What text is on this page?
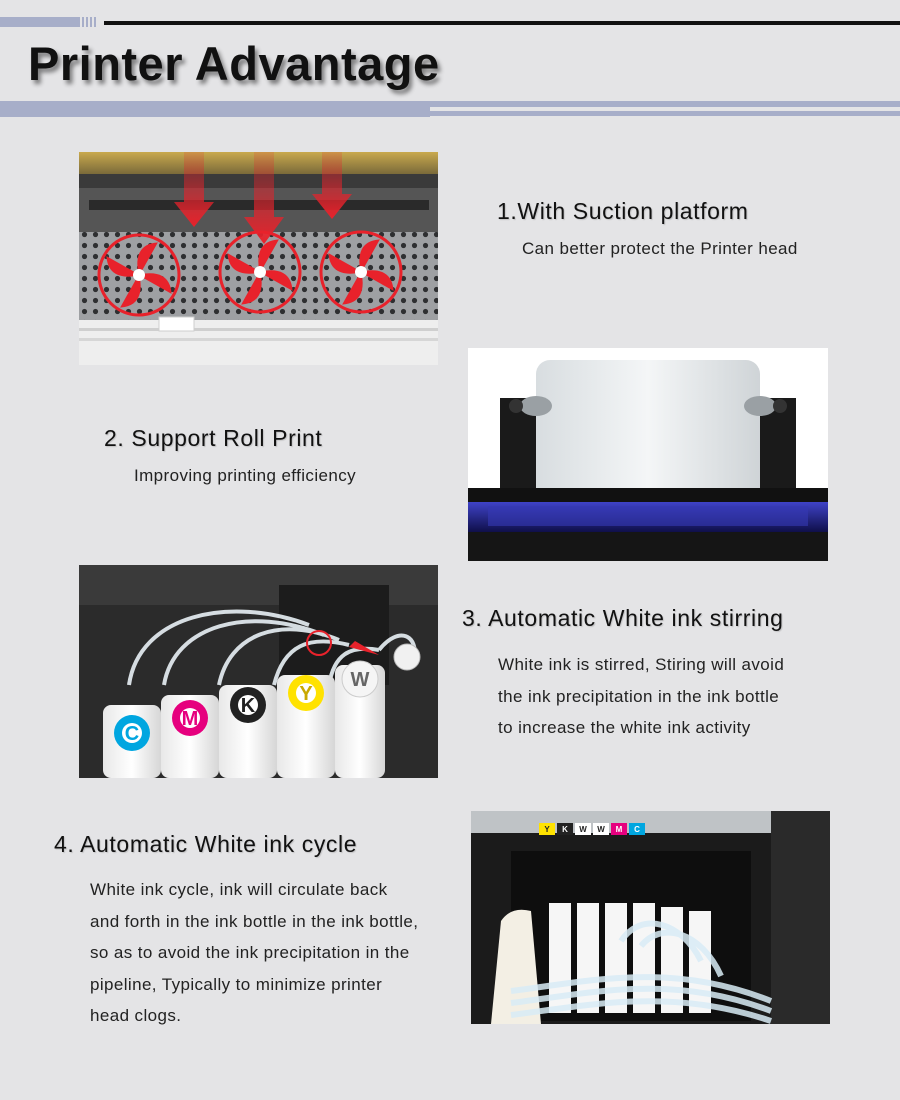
Printer Advantage
1.With Suction platform
Can better protect the Printer head
2. Support Roll Print
Improving printing efficiency
C
M
K
Y
W
3. Automatic White ink stirring
White ink is stirred, Stiring will avoid
the ink precipitation in the ink bottle
to increase the white ink activity
4. Automatic White ink cycle
White ink cycle, ink will circulate back
and forth in the ink bottle in the ink bottle,
so as to avoid the ink precipitation in the
pipeline, Typically to minimize printer
head clogs.
Y K W W M C
